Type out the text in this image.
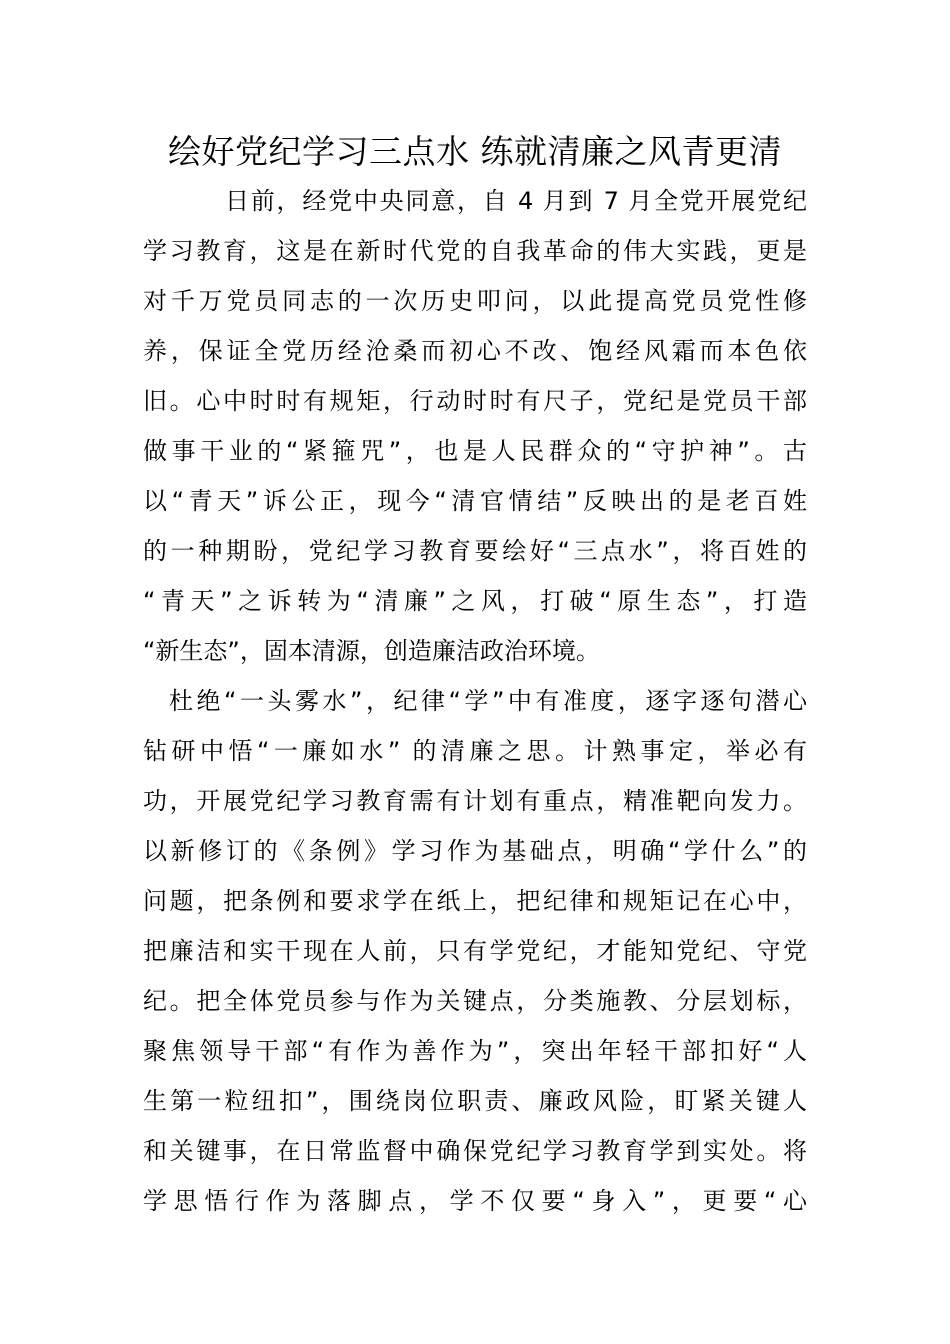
绘好党纪学习三点水 练就清廉之风青更清
日前，经党中央同意，自 4 月到 7 月全党开展党纪
学习教育，这是在新时代党的自我革命的伟大实践，更是
对千万党员同志的一次历史叩问，以此提高党员党性修
养，保证全党历经沧桑而初心不改、饱经风霜而本色依
旧。心中时时有规矩，行动时时有尺子，党纪是党员干部
做事干业的“紧箍咒”，也是人民群众的“守护神”。古
以“青天”诉公正，现今“清官情结”反映出的是老百姓
的一种期盼，党纪学习教育要绘好“三点水”，将百姓的
“青天”之诉转为“清廉”之风，打破“原生态”，打造
“新生态”，固本清源，创造廉洁政治环境。
杜绝“一头雾水”，纪律“学”中有准度，逐字逐句潜心
钻研中悟“一廉如水” 的清廉之思。计熟事定，举必有
功，开展党纪学习教育需有计划有重点，精准靶向发力。
以新修订的《条例》学习作为基础点，明确“学什么”的
问题，把条例和要求学在纸上，把纪律和规矩记在心中，
把廉洁和实干现在人前，只有学党纪，才能知党纪、守党
纪。把全体党员参与作为关键点，分类施教、分层划标，
聚焦领导干部“有作为善作为”，突出年轻干部扣好“人
生第一粒纽扣”，围绕岗位职责、廉政风险，盯紧关键人
和关键事，在日常监督中确保党纪学习教育学到实处。将
学思悟行作为落脚点，学不仅要“身入”，更要“心
